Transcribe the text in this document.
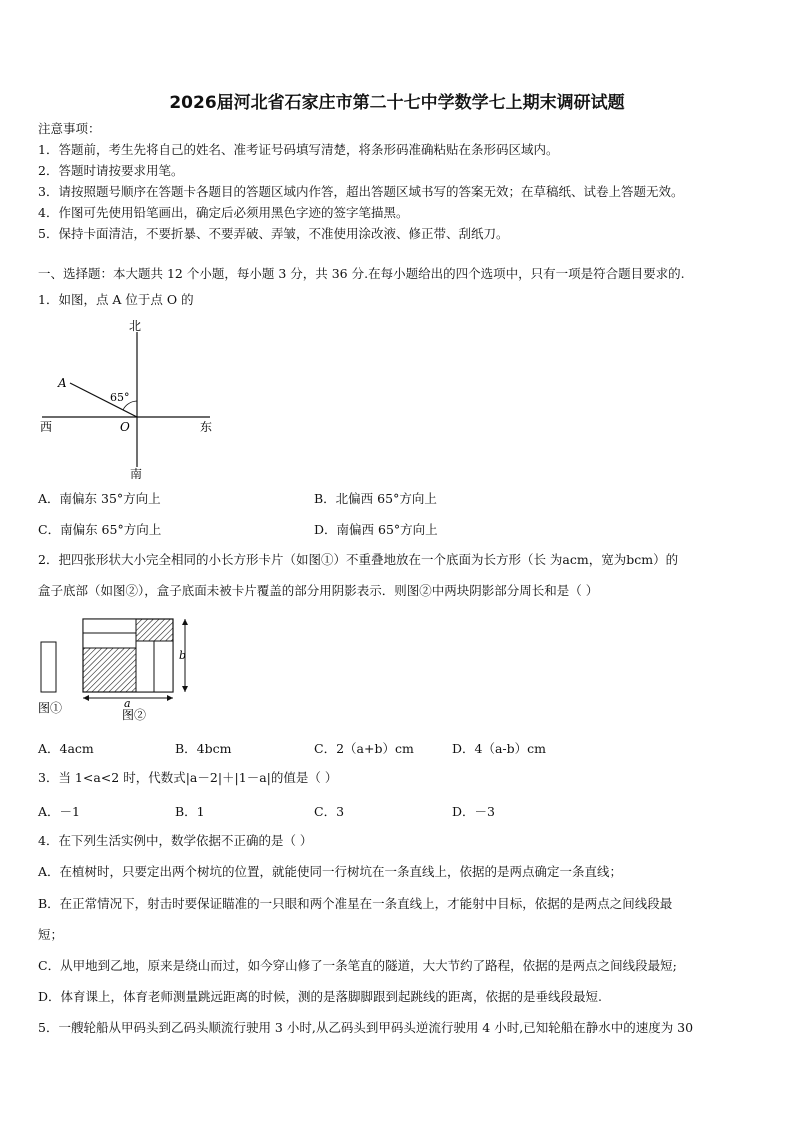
2026届河北省石家庄市第二十七中学数学七上期末调研试题
注意事项：
1．答题前，考生先将自己的姓名、准考证号码填写清楚，将条形码准确粘贴在条形码区域内。
2．答题时请按要求用笔。
3．请按照题号顺序在答题卡各题目的答题区域内作答，超出答题区域书写的答案无效；在草稿纸、试卷上答题无效。
4．作图可先使用铅笔画出，确定后必须用黑色字迹的签字笔描黑。
5．保持卡面清洁，不要折暴、不要弄破、弄皱，不准使用涂改液、修正带、刮纸刀。
一、选择题：本大题共 12 个小题，每小题 3 分，共 36 分.在每小题给出的四个选项中，只有一项是符合题目要求的.
1．如图，点 A 位于点 O 的
北
南
西	东
A
O
65°
A．南偏东 35°方向上	B．北偏西 65°方向上
C．南偏东 65°方向上	D．南偏西 65°方向上
2．把四张形状大小完全相同的小长方形卡片（如图①）不重叠地放在一个底面为长方形（长 为acm，宽为bcm）的
盒子底部（如图②），盒子底面未被卡片覆盖的部分用阴影表示．则图②中两块阴影部分周长和是（ ）
图①
b
a
图②
A．4acm	B．4bcm	C．2（a+b）cm	D．4（a-b）cm
3．当 1<a<2 时，代数式|a－2|＋|1－a|的值是（ ）
A．－1	B．1	C．3	D．－3
4．在下列生活实例中，数学依据不正确的是（ ）
A．在植树时，只要定出两个树坑的位置，就能使同一行树坑在一条直线上，依据的是两点确定一条直线；
B．在正常情况下，射击时要保证瞄准的一只眼和两个准星在一条直线上，才能射中目标，依据的是两点之间线段最
短；
C．从甲地到乙地，原来是绕山而过，如今穿山修了一条笔直的隧道，大大节约了路程，依据的是两点之间线段最短;
D．体育课上，体育老师测量跳远距离的时候，测的是落脚脚跟到起跳线的距离，依据的是垂线段最短.
5．一艘轮船从甲码头到乙码头顺流行驶用 3 小时,从乙码头到甲码头逆流行驶用 4 小时,已知轮船在静水中的速度为 30
